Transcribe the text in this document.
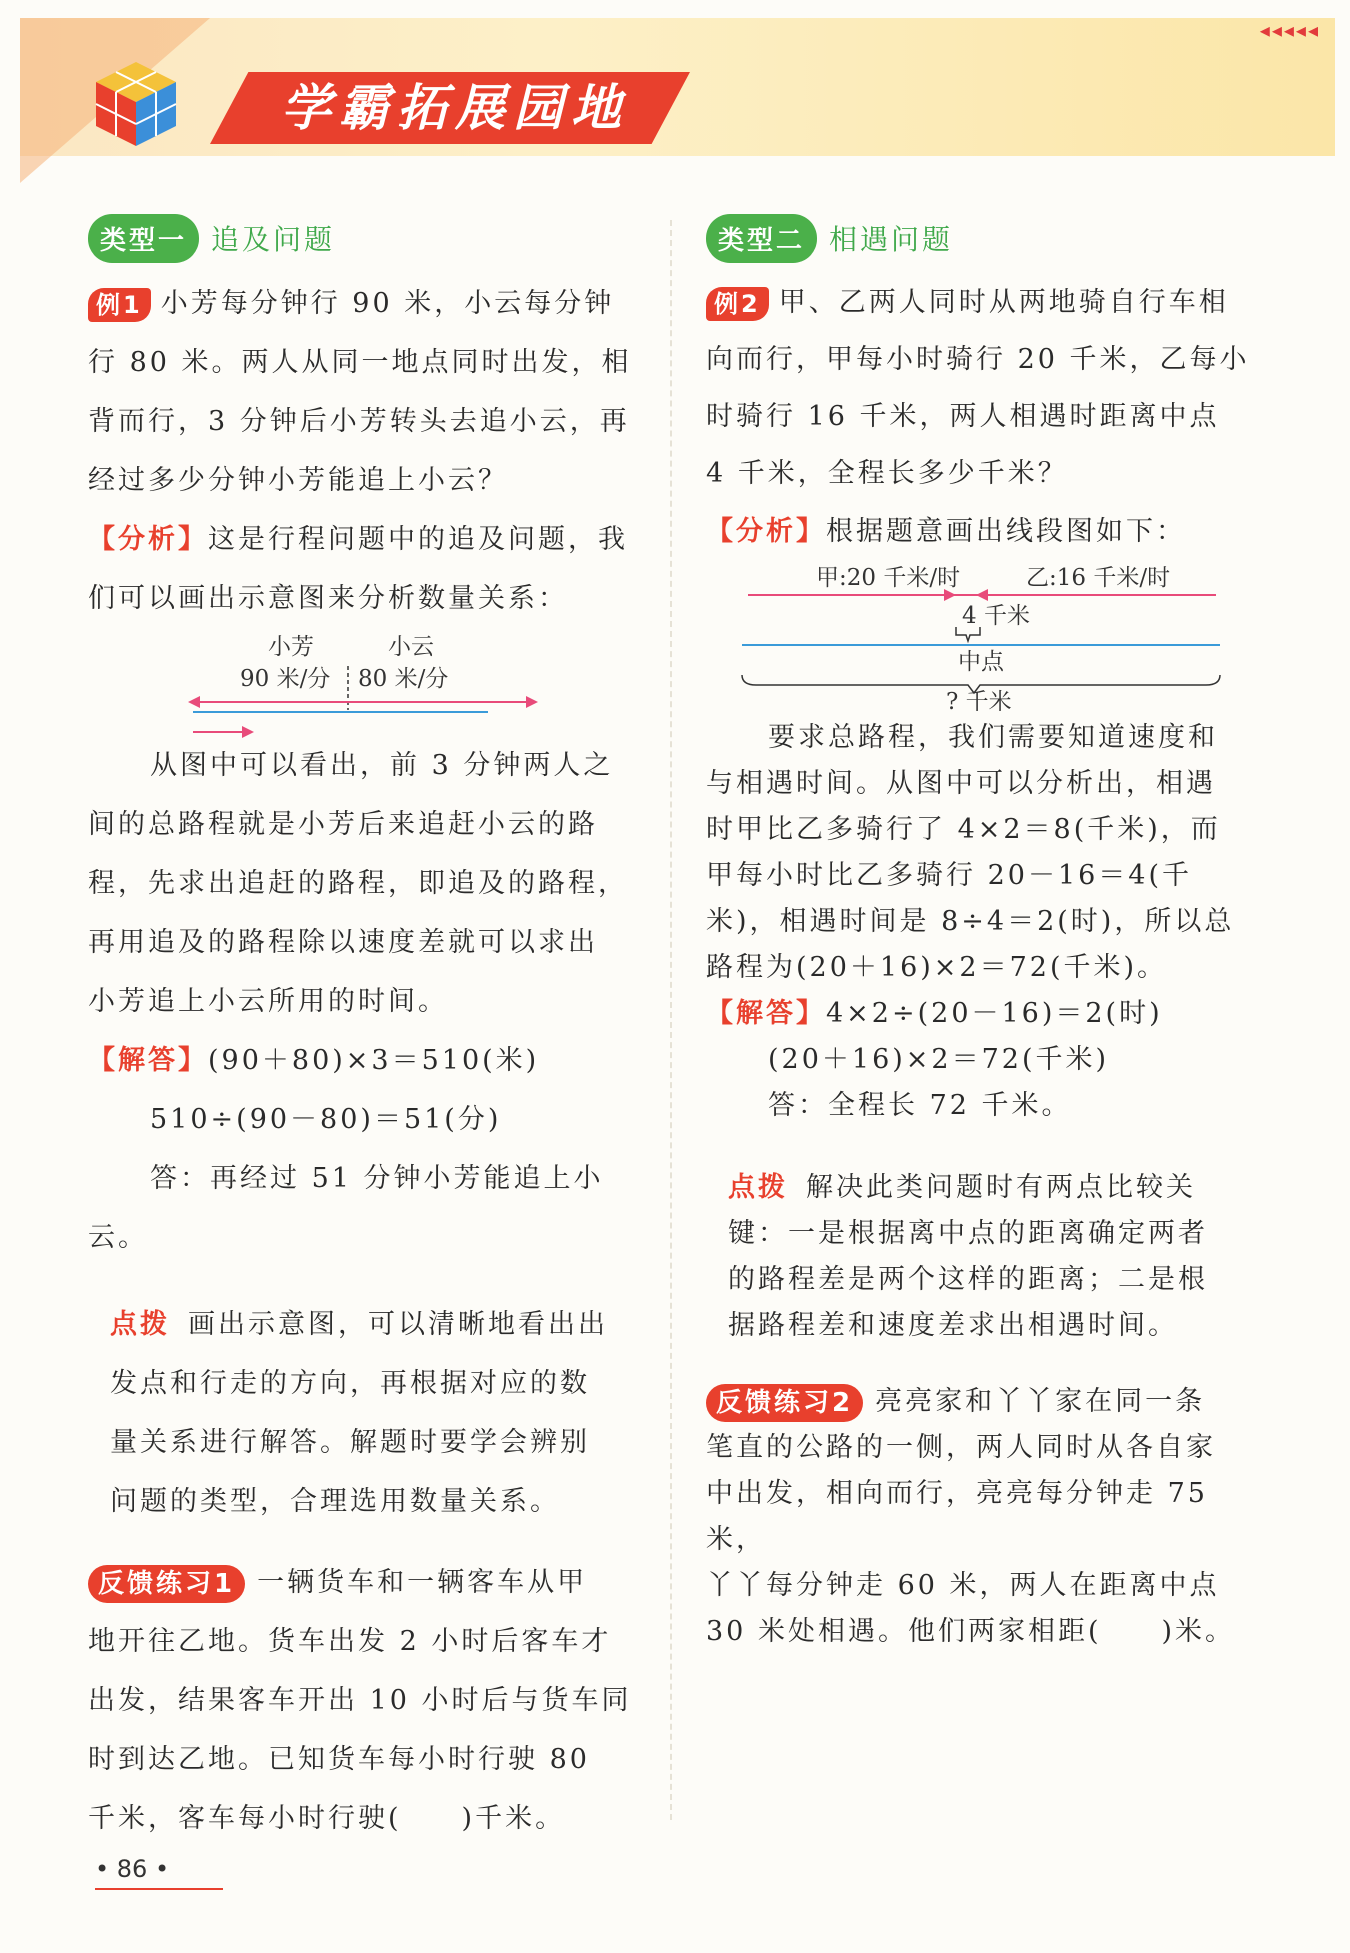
◂◂◂◂◂
学霸拓展园地
类型一 追及问题

例1 小芳每分钟行 90 米，小云每分钟
行 80 米。两人从同一地点同时出发，相
背而行，3 分钟后小芳转头去追小云，再
经过多少分钟小芳能追上小云？

【分析】这是行程问题中的追及问题，我
们可以画出示意图来分析数量关系：

小芳	小云
90 米/分 80 米/分

从图中可以看出，前 3 分钟两人之

间的总路程就是小芳后来追赶小云的路
程，先求出追赶的路程，即追及的路程，
再用追及的路程除以速度差就可以求出
小芳追上小云所用的时间。

【解答】(90＋80)×3＝510(米)
510÷(90－80)＝51(分)
答：再经过 51 分钟小芳能追上小云。

点拨 画出示意图，可以清晰地看出出
发点和行走的方向，再根据对应的数
量关系进行解答。解题时要学会辨别
问题的类型，合理选用数量关系。

反馈练习1 一辆货车和一辆客车从甲
地开往乙地。货车出发 2 小时后客车才
出发，结果客车开出 10 小时后与货车同
时到达乙地。已知货车每小时行驶 80
千米，客车每小时行驶(　　)千米。

类型二 相遇问题

例2 甲、乙两人同时从两地骑自行车相
向而行，甲每小时骑行 20 千米，乙每小
时骑行 16 千米，两人相遇时距离中点
4 千米，全程长多少千米？

【分析】根据题意画出线段图如下：

甲:20 千米/时	乙:16 千米/时
4 千米
中点
? 千米

要求总路程，我们需要知道速度和

与相遇时间。从图中可以分析出，相遇
时甲比乙多骑行了 4×2＝8(千米)，而
甲每小时比乙多骑行 20－16＝4(千
米)，相遇时间是 8÷4＝2(时)，所以总
路程为(20＋16)×2＝72(千米)。

【解答】4×2÷(20－16)＝2(时)
(20＋16)×2＝72(千米)
答：全程长 72 千米。

点拨 解决此类问题时有两点比较关
键：一是根据离中点的距离确定两者
的路程差是两个这样的距离；二是根
据路程差和速度差求出相遇时间。

反馈练习2 亮亮家和丫丫家在同一条
笔直的公路的一侧，两人同时从各自家
中出发，相向而行，亮亮每分钟走 75 米，
丫丫每分钟走 60 米，两人在距离中点
30 米处相遇。他们两家相距(　　)米。

• 86 •
